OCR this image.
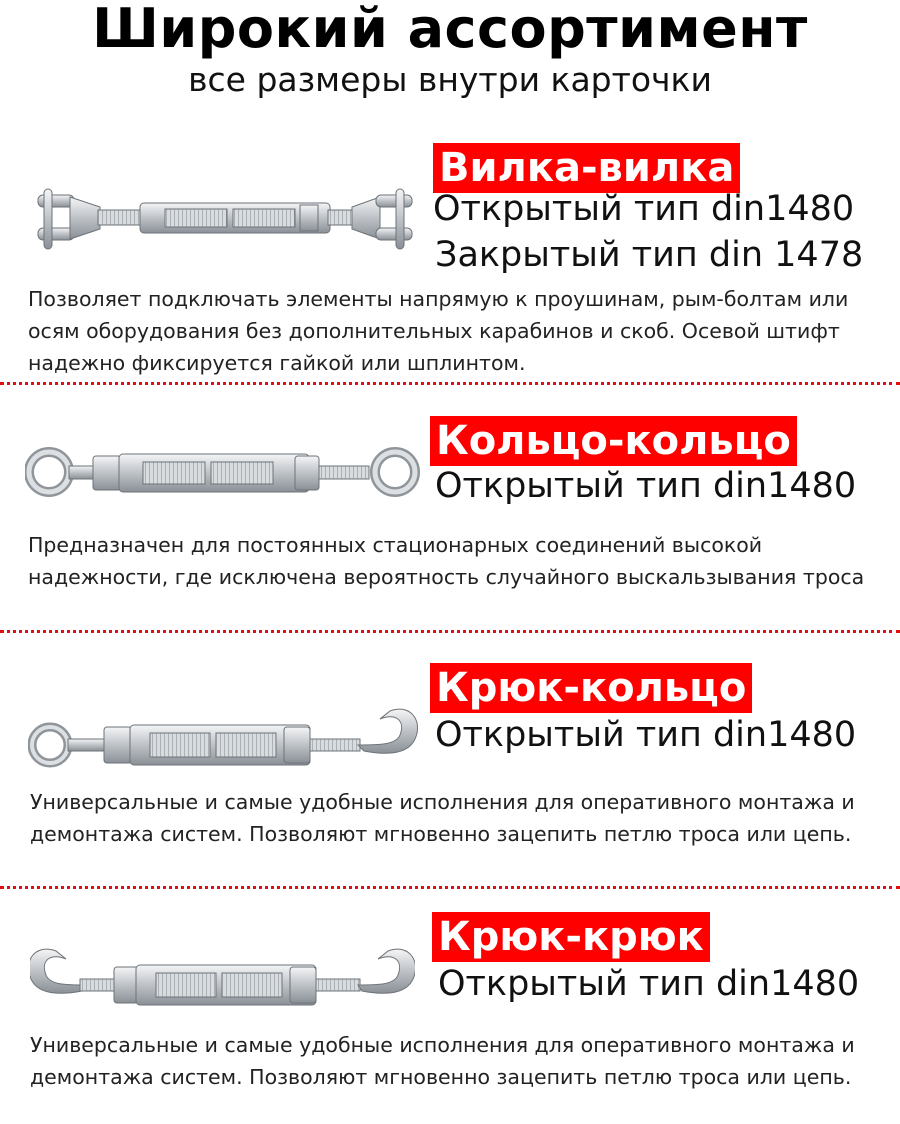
Широкий ассортимент
все размеры внутри карточки
Вилка-вилка
Открытый тип din1480
Закрытый тип din 1478
Позволяет подключать элементы напрямую к проушинам, рым-болтам или осям оборудования без дополнительных карабинов и скоб. Осевой штифт надежно фиксируется гайкой или шплинтом.
Кольцо-кольцо
Открытый тип din1480
Предназначен для постоянных стационарных соединений высокой надежности, где исключена вероятность случайного выскальзывания троса
Крюк-кольцо
Открытый тип din1480
Универсальные и самые удобные исполнения для оперативного монтажа и демонтажа систем. Позволяют мгновенно зацепить петлю троса или цепь.
Крюк-крюк
Открытый тип din1480
Универсальные и самые удобные исполнения для оперативного монтажа и демонтажа систем. Позволяют мгновенно зацепить петлю троса или цепь.
